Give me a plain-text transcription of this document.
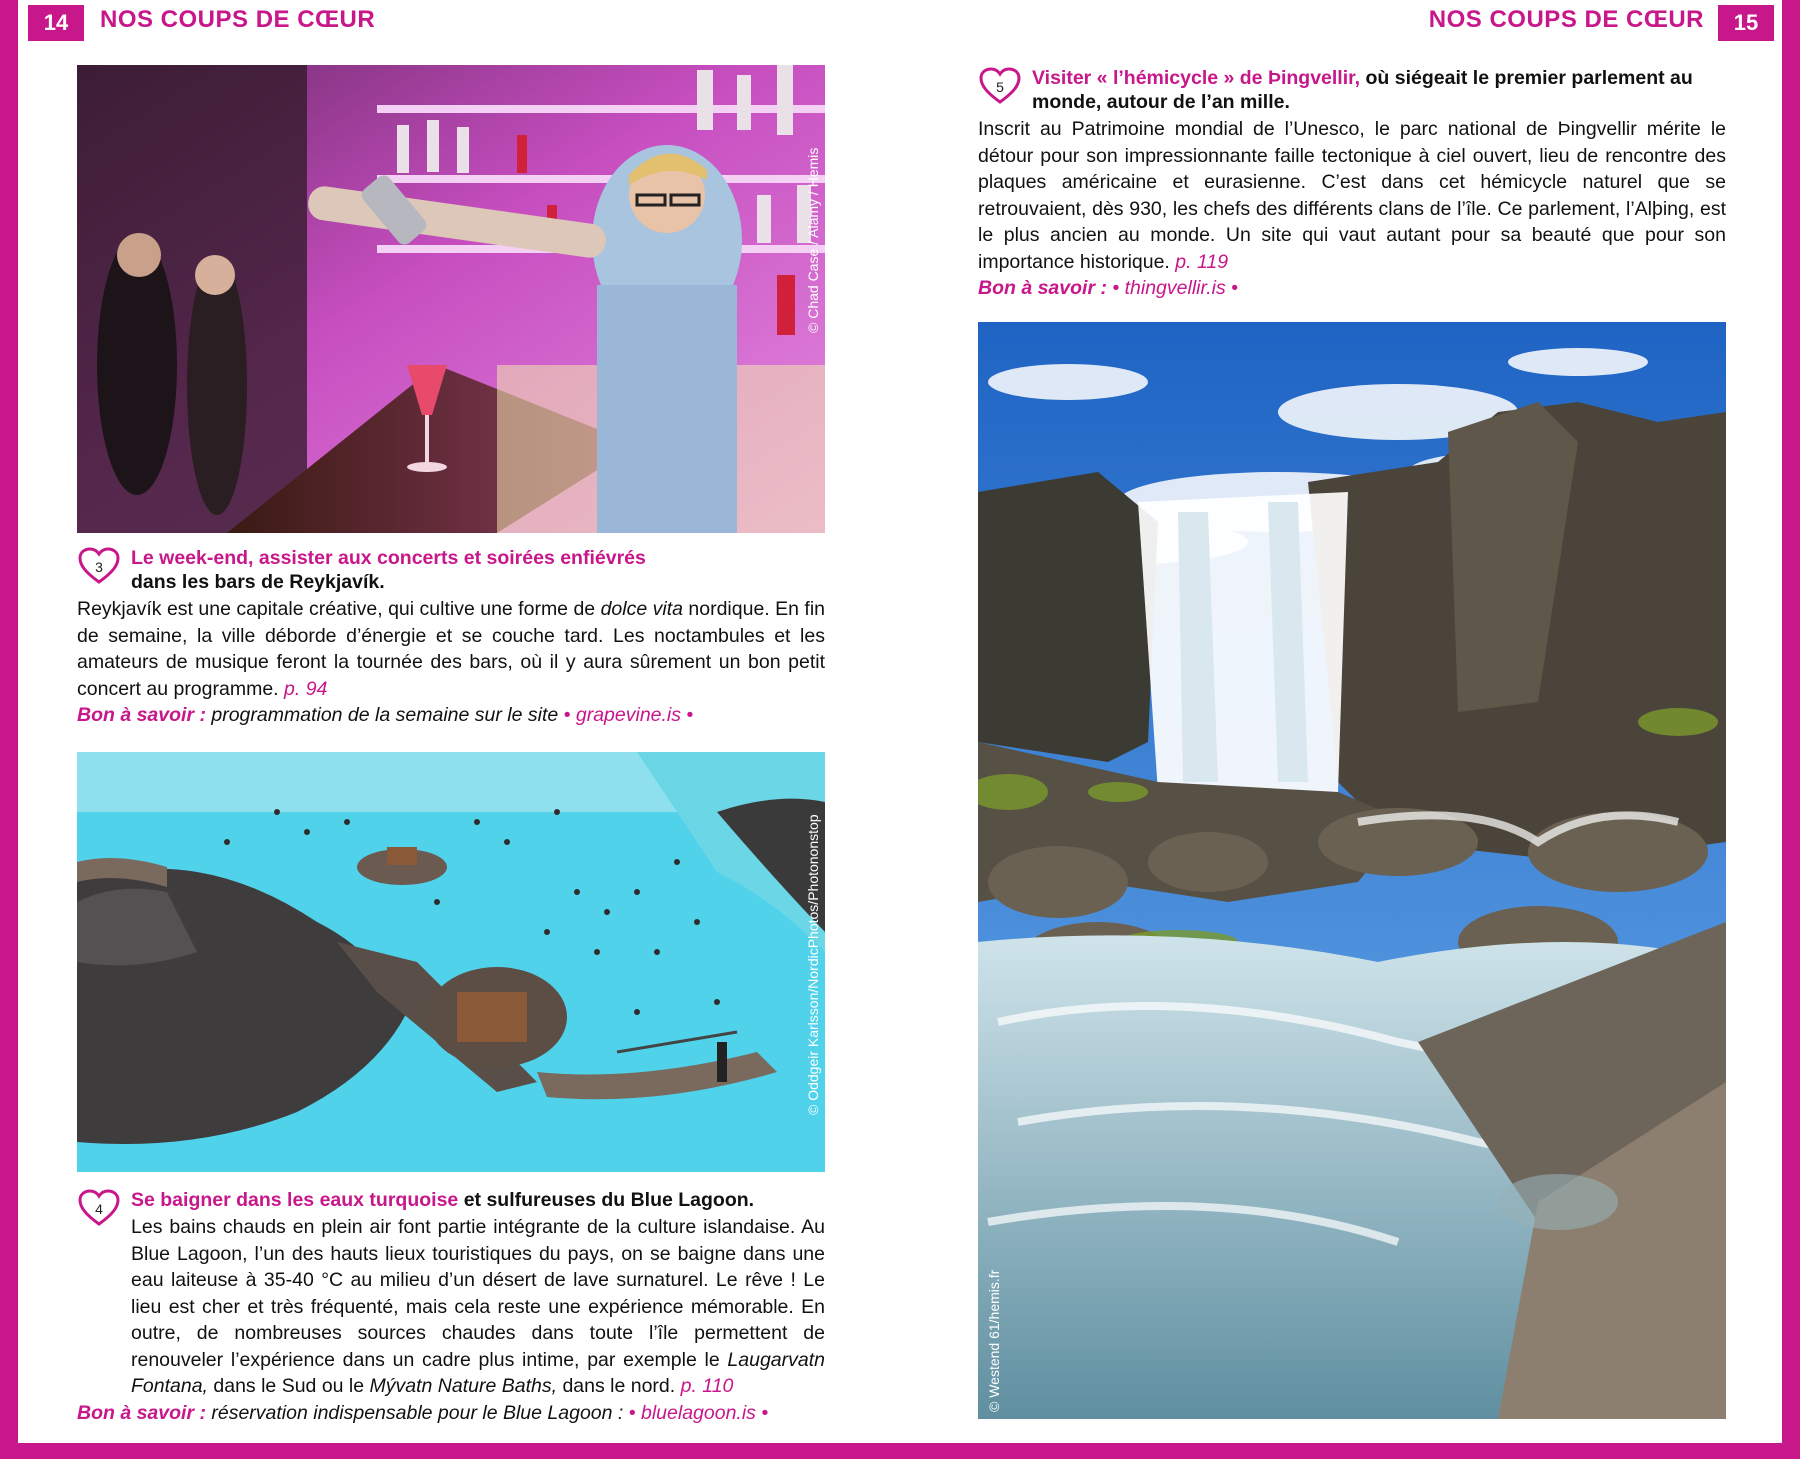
14	NOS COUPS DE CŒUR	NOS COUPS DE CŒUR	15
© Chad Case / Alamy / Hemis
3	Le week-end, assister aux concerts et soirées enfiévrés
dans les bars de Reykjavík.
Reykjavík est une capitale créative, qui cultive une forme de dolce vita nordique. En fin de semaine, la ville déborde d’énergie et se couche tard. Les noctambules et les amateurs de musique feront la tournée des bars, où il y aura sûrement un bon petit concert au programme. p. 94
Bon à savoir : programmation de la semaine sur le site • grapevine.is •
© Oddgeir Karlsson/NordicPhotos/Photononstop
4	Se baigner dans les eaux turquoise et sulfureuses du Blue Lagoon.
Les bains chauds en plein air font partie intégrante de la culture islandaise. Au Blue Lagoon, l’un des hauts lieux touristiques du pays, on se baigne dans une eau laiteuse à 35-40 °C au milieu d’un désert de lave surnaturel. Le rêve ! Le lieu est cher et très fréquenté, mais cela reste une expérience mémorable. En outre, de nombreuses sources chaudes dans toute l’île permettent de renouveler l’expérience dans un cadre plus intime, par exemple le Laugarvatn Fontana, dans le Sud ou le Mývatn Nature Baths, dans le nord. p. 110
Bon à savoir : réservation indispensable pour le Blue Lagoon : • bluelagoon.is •
5	Visiter « l’hémicycle » de Þingvellir, où siégeait le premier parlement au monde, autour de l’an mille.
Inscrit au Patrimoine mondial de l’Unesco, le parc national de Þingvellir mérite le détour pour son impressionnante faille tectonique à ciel ouvert, lieu de rencontre des plaques américaine et eurasienne. C’est dans cet hémicycle naturel que se retrouvaient, dès 930, les chefs des différents clans de l’île. Ce parlement, l’Alþing, est le plus ancien au monde. Un site qui vaut autant pour sa beauté que pour son importance historique. p. 119
Bon à savoir : • thingvellir.is •
© Westend 61/hemis.fr
